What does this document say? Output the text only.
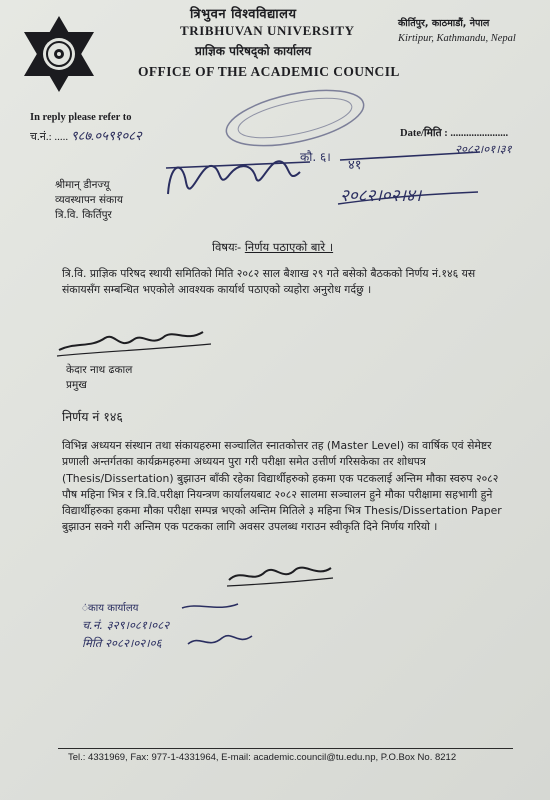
त्रिभुवन विश्वविद्यालय
TRIBHUVAN UNIVERSITY
प्राज्ञिक परिषद्को कार्यालय
OFFICE OF THE ACADEMIC COUNCIL
कीर्तिपुर, काठमाडौं, नेपाल
Kirtipur, Kathmandu, Nepal
In reply please refer to
च.नं.: ..... ९८७.०५९१०८२	Date/मिति : ......................
२०८२।०१।३१
कौ. ६।
४१
२०८२।०२।४।
श्रीमान् डीनज्यू
व्यवस्थापन संकाय
त्रि.वि. किर्तिपुर
विषयः- निर्णय पठाएको बारे ।
त्रि.वि. प्राज्ञिक परिषद स्थायी समितिको मिति २०८२ साल बैशाख २९ गते बसेको बैठकको निर्णय नं.१४६ यस संकायसँग सम्बन्धित भएकोले आवश्यक कार्यार्थ पठाएको व्यहोरा अनुरोध गर्दछु ।
केदार नाथ ढकाल
प्रमुख
निर्णय नं १४६
विभिन्न अध्ययन संस्थान तथा संकायहरुमा सञ्चालित स्नातकोत्तर तह (Master Level) का वार्षिक एवं सेमेष्टर प्रणाली अन्तर्गतका कार्यक्रमहरुमा अध्ययन पुरा गरी परीक्षा समेत उत्तीर्ण गरिसकेका तर शोधपत्र (Thesis/Dissertation) बुझाउन बाँकी रहेका विद्यार्थीहरुको हकमा एक पटकलाई अन्तिम मौका स्वरुप २०८२ पौष महिना भित्र र त्रि.वि.परीक्षा नियन्त्रण कार्यालयबाट २०८२ सालमा सञ्चालन हुने मौका परीक्षामा सहभागी हुने विद्यार्थीहरुका हकमा मौका परीक्षा सम्पन्न भएको अन्तिम मितिले ३ महिना भित्र Thesis/Dissertation Paper बुझाउन सक्ने गरी अन्तिम एक पटकका लागि अवसर उपलब्ध गराउन स्वीकृति दिने निर्णय गरियो ।
ंकाय कार्यालय
च.नं. ३२९।०८१।०८२
मिति २०८२।०२।०६
Tel.: 4331969, Fax: 977-1-4331964, E-mail: academic.council@tu.edu.np, P.O.Box No. 8212
